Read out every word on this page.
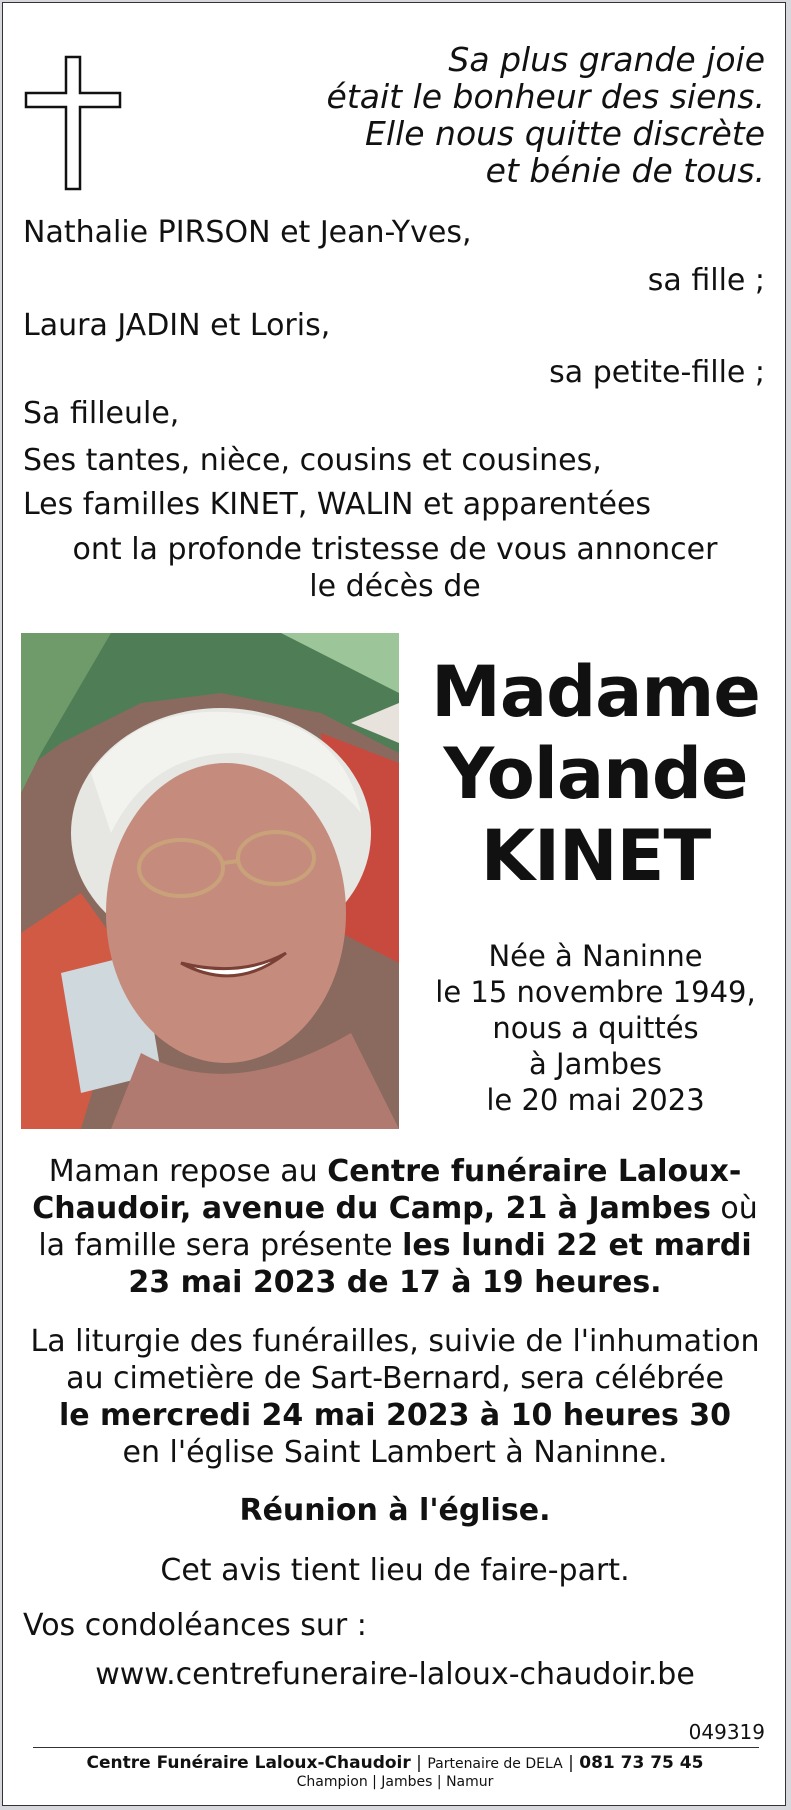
Sa plus grande joie
était le bonheur des siens.
Elle nous quitte discrète
et bénie de tous.
Nathalie PIRSON et Jean-Yves,
sa fille ;
Laura JADIN et Loris,
sa petite-fille ;
Sa filleule,
Ses tantes, nièce, cousins et cousines,
Les familles KINET, WALIN et apparentées
ont la profonde tristesse de vous annoncer
le décès de
Madame
Yolande
KINET
Née à Naninne
le 15 novembre 1949,
nous a quittés
à Jambes
le 20 mai 2023
Maman repose au Centre funéraire Laloux-Chaudoir, avenue du Camp, 21 à Jambes où la famille sera présente les lundi 22 et mardi 23 mai 2023 de 17 à 19 heures.
La liturgie des funérailles, suivie de l'inhumation au cimetière de Sart-Bernard, sera célébrée
le mercredi 24 mai 2023 à 10 heures 30
en l'église Saint Lambert à Naninne.
Réunion à l'église.
Cet avis tient lieu de faire-part.
Vos condoléances sur :
www.centrefuneraire-laloux-chaudoir.be
049319
Centre Funéraire Laloux-Chaudoir | Partenaire de DELA | 081 73 75 45
Champion | Jambes | Namur
